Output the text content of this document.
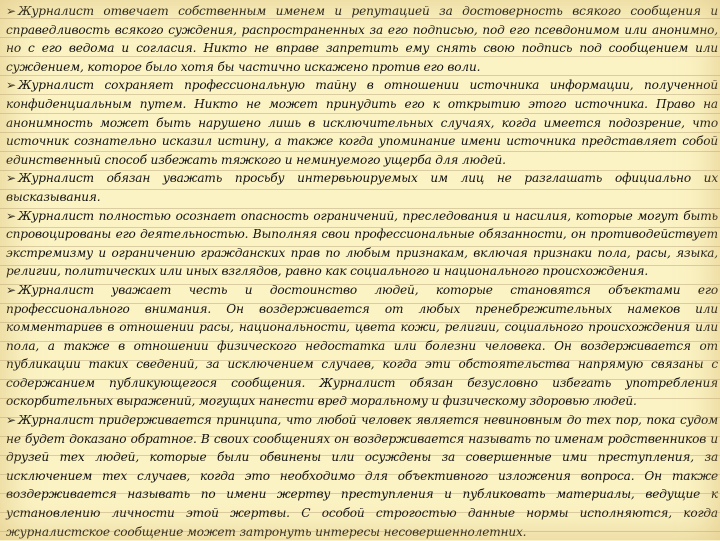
➢ Журналист отвечает собственным именем и репутацией за достоверность всякого сообщения и справедливость всякого суждения, распространенных за его подписью, под его псевдонимом или анонимно, но с его ведома и согласия. Никто не вправе запретить ему снять свою подпись под сообщением или суждением, которое было хотя бы частично искажено против его воли.

➢ Журналист сохраняет профессиональную тайну в отношении источника информации, полученной конфиденциальным путем. Никто не может принудить его к открытию этого источника. Право на анонимность может быть нарушено лишь в исключительных случаях, когда имеется подозрение, что источник сознательно исказил истину, а также когда упоминание имени источника представляет собой единственный способ избежать тяжкого и неминуемого ущерба для людей.

➢ Журналист обязан уважать просьбу интервьюируемых им лиц не разглашать официально их высказывания.

➢ Журналист полностью осознает опасность ограничений, преследования и насилия, которые могут быть спровоцированы его деятельностью. Выполняя свои профессиональные обязанности, он противодействует экстремизму и ограничению гражданских прав по любым признакам, включая признаки пола, расы, языка, религии, политических или иных взглядов, равно как социального и национального происхождения.

➢ Журналист уважает честь и достоинство людей, которые становятся объектами его профессионального внимания. Он воздерживается от любых пренебрежительных намеков или комментариев в отношении расы, национальности, цвета кожи, религии, социального происхождения или пола, а также в отношении физического недостатка или болезни человека. Он воздерживается от публикации таких сведений, за исключением случаев, когда эти обстоятельства напрямую связаны с содержанием публикующегося сообщения. Журналист обязан безусловно избегать употребления оскорбительных выражений, могущих нанести вред моральному и физическому здоровью людей.

➢ Журналист придерживается принципа, что любой человек является невиновным до тех пор, пока судом не будет доказано обратное. В своих сообщениях он воздерживается называть по именам родственников и друзей тех людей, которые были обвинены или осуждены за совершенные ими преступления, за исключением тех случаев, когда это необходимо для объективного изложения вопроса. Он также воздерживается называть по имени жертву преступления и публиковать материалы, ведущие к установлению личности этой жертвы. С особой строгостью данные нормы исполняются, когда журналистское сообщение может затронуть интересы несовершеннолетних.
